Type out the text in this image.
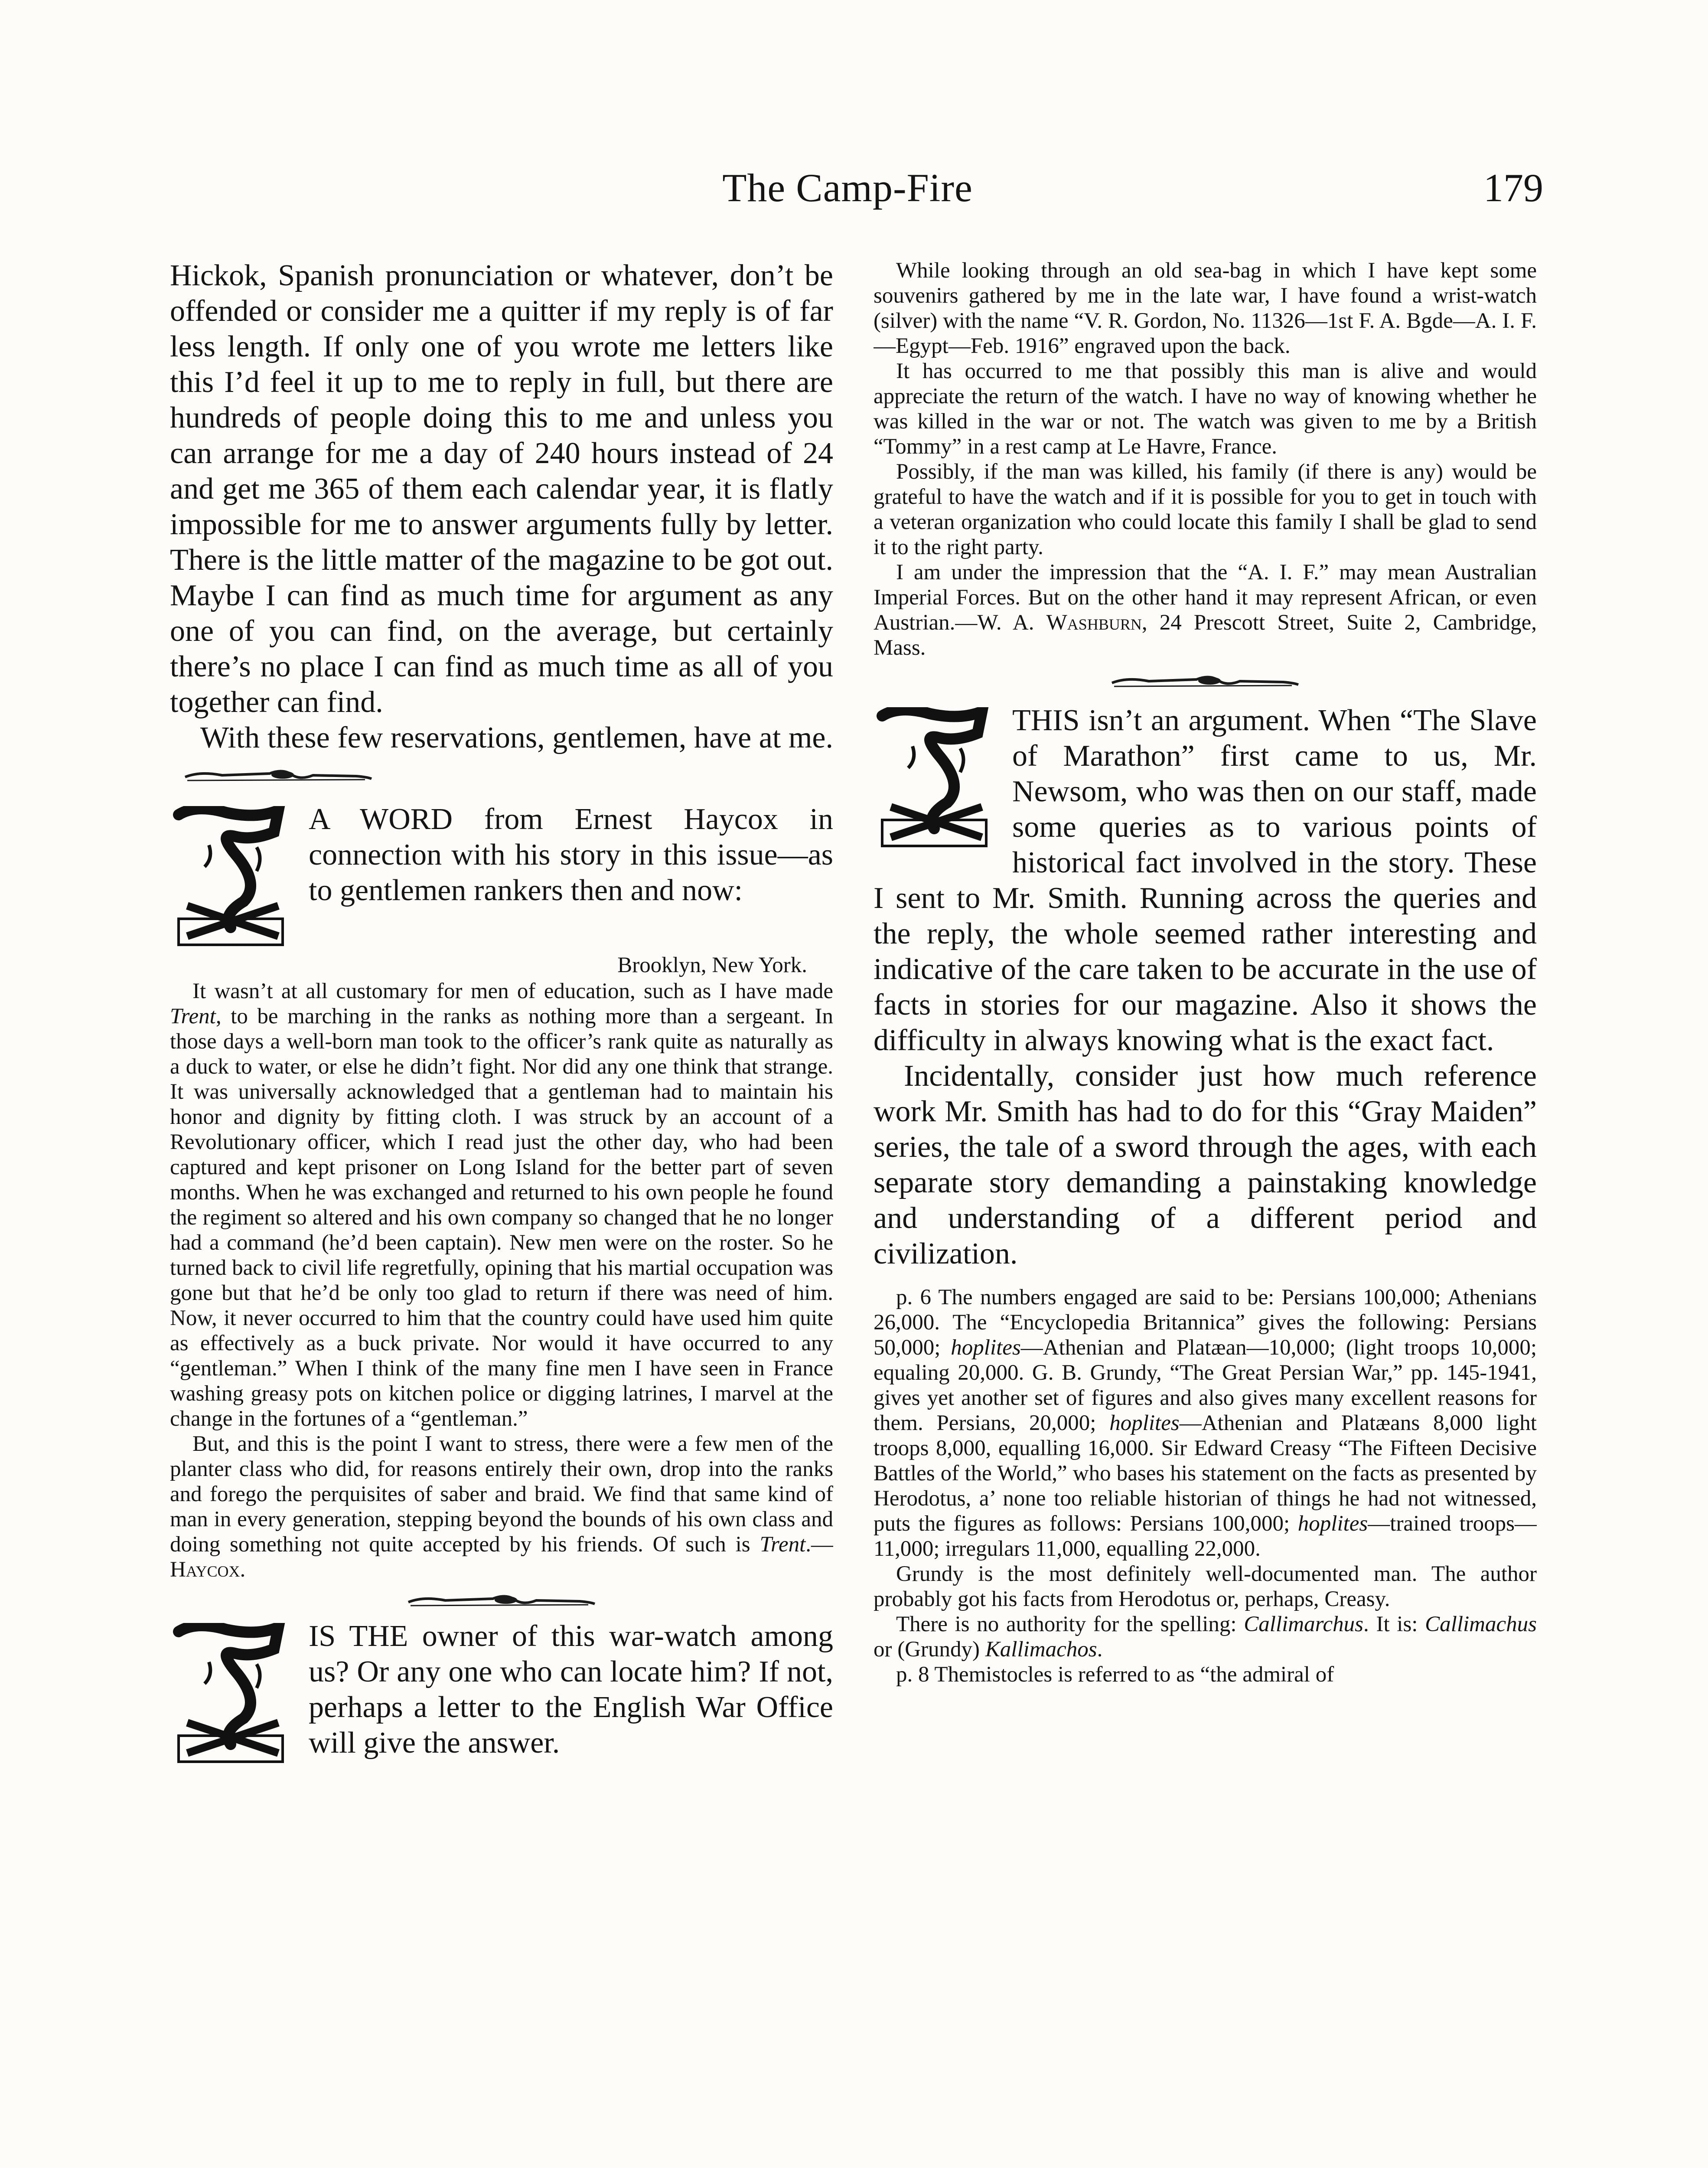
The Camp-Fire	179

Hickok, Spanish pronunciation or whatever, don’t be offended or consider me a quitter if my reply is of far less length. If only one of you wrote me letters like this I’d feel it up to me to reply in full, but there are hundreds of people doing this to me and unless you can arrange for me a day of 240 hours instead of 24 and get me 365 of them each calendar year, it is flatly impossible for me to answer arguments fully by letter. There is the little matter of the magazine to be got out. Maybe I can find as much time for argument as any one of you can find, on the average, but certainly there’s no place I can find as much time as all of you together can find.

With these few reservations, gentlemen, have at me.

A WORD from Ernest Haycox in connection with his story in this issue—as to gentlemen rankers then and now:

Brooklyn, New York.

It wasn’t at all customary for men of education, such as I have made Trent, to be marching in the ranks as nothing more than a sergeant. In those days a well-born man took to the officer’s rank quite as naturally as a duck to water, or else he didn’t fight. Nor did any one think that strange. It was universally acknowledged that a gentleman had to maintain his honor and dignity by fitting cloth. I was struck by an account of a Revolutionary officer, which I read just the other day, who had been captured and kept prisoner on Long Island for the better part of seven months. When he was exchanged and returned to his own people he found the regiment so altered and his own company so changed that he no longer had a command (he’d been captain). New men were on the roster. So he turned back to civil life regretfully, opining that his martial occupation was gone but that he’d be only too glad to return if there was need of him. Now, it never occurred to him that the country could have used him quite as effectively as a buck private. Nor would it have occurred to any “gentleman.” When I think of the many fine men I have seen in France washing greasy pots on kitchen police or digging latrines, I marvel at the change in the fortunes of a “gentleman.”

But, and this is the point I want to stress, there were a few men of the planter class who did, for reasons entirely their own, drop into the ranks and forego the perquisites of saber and braid. We find that same kind of man in every generation, stepping beyond the bounds of his own class and doing something not quite accepted by his friends. Of such is Trent.—Haycox.

IS THE owner of this war-watch among us? Or any one who can locate him? If not, perhaps a letter to the English War Office will give the answer.

While looking through an old sea-bag in which I have kept some souvenirs gathered by me in the late war, I have found a wrist-watch (silver) with the name “V. R. Gordon, No. 11326—1st F. A. Bgde—A. I. F.—Egypt—Feb. 1916” engraved upon the back.

It has occurred to me that possibly this man is alive and would appreciate the return of the watch. I have no way of knowing whether he was killed in the war or not. The watch was given to me by a British “Tommy” in a rest camp at Le Havre, France.

Possibly, if the man was killed, his family (if there is any) would be grateful to have the watch and if it is possible for you to get in touch with a veteran organization who could locate this family I shall be glad to send it to the right party.

I am under the impression that the “A. I. F.” may mean Australian Imperial Forces. But on the other hand it may represent African, or even Austrian.—W. A. Washburn, 24 Prescott Street, Suite 2, Cambridge, Mass.

THIS isn’t an argument. When “The Slave of Marathon” first came to us, Mr. Newsom, who was then on our staff, made some queries as to various points of historical fact involved in the story. These I sent to Mr. Smith. Running across the queries and the reply, the whole seemed rather interesting and indicative of the care taken to be accurate in the use of facts in stories for our magazine. Also it shows the difficulty in always knowing what is the exact fact.

Incidentally, consider just how much reference work Mr. Smith has had to do for this “Gray Maiden” series, the tale of a sword through the ages, with each separate story demanding a painstaking knowledge and understanding of a different period and civilization.

p. 6 The numbers engaged are said to be: Persians 100,000; Athenians 26,000. The “Encyclopedia Britannica” gives the following: Persians 50,000; hoplites—Athenian and Platæan—10,000; (light troops 10,000; equaling 20,000. G. B. Grundy, “The Great Persian War,” pp. 145-1941, gives yet another set of figures and also gives many excellent reasons for them. Persians, 20,000; hoplites—Athenian and Platæans 8,000 light troops 8,000, equalling 16,000. Sir Edward Creasy “The Fifteen Decisive Battles of the World,” who bases his statement on the facts as presented by Herodotus, a’ none too reliable historian of things he had not witnessed, puts the figures as follows: Persians 100,000; hoplites—trained troops—11,000; irregulars 11,000, equalling 22,000.

Grundy is the most definitely well-documented man. The author probably got his facts from Herodotus or, perhaps, Creasy.

There is no authority for the spelling: Callimarchus. It is: Callimachus or (Grundy) Kallimachos.

p. 8 Themistocles is referred to as “the admiral of
